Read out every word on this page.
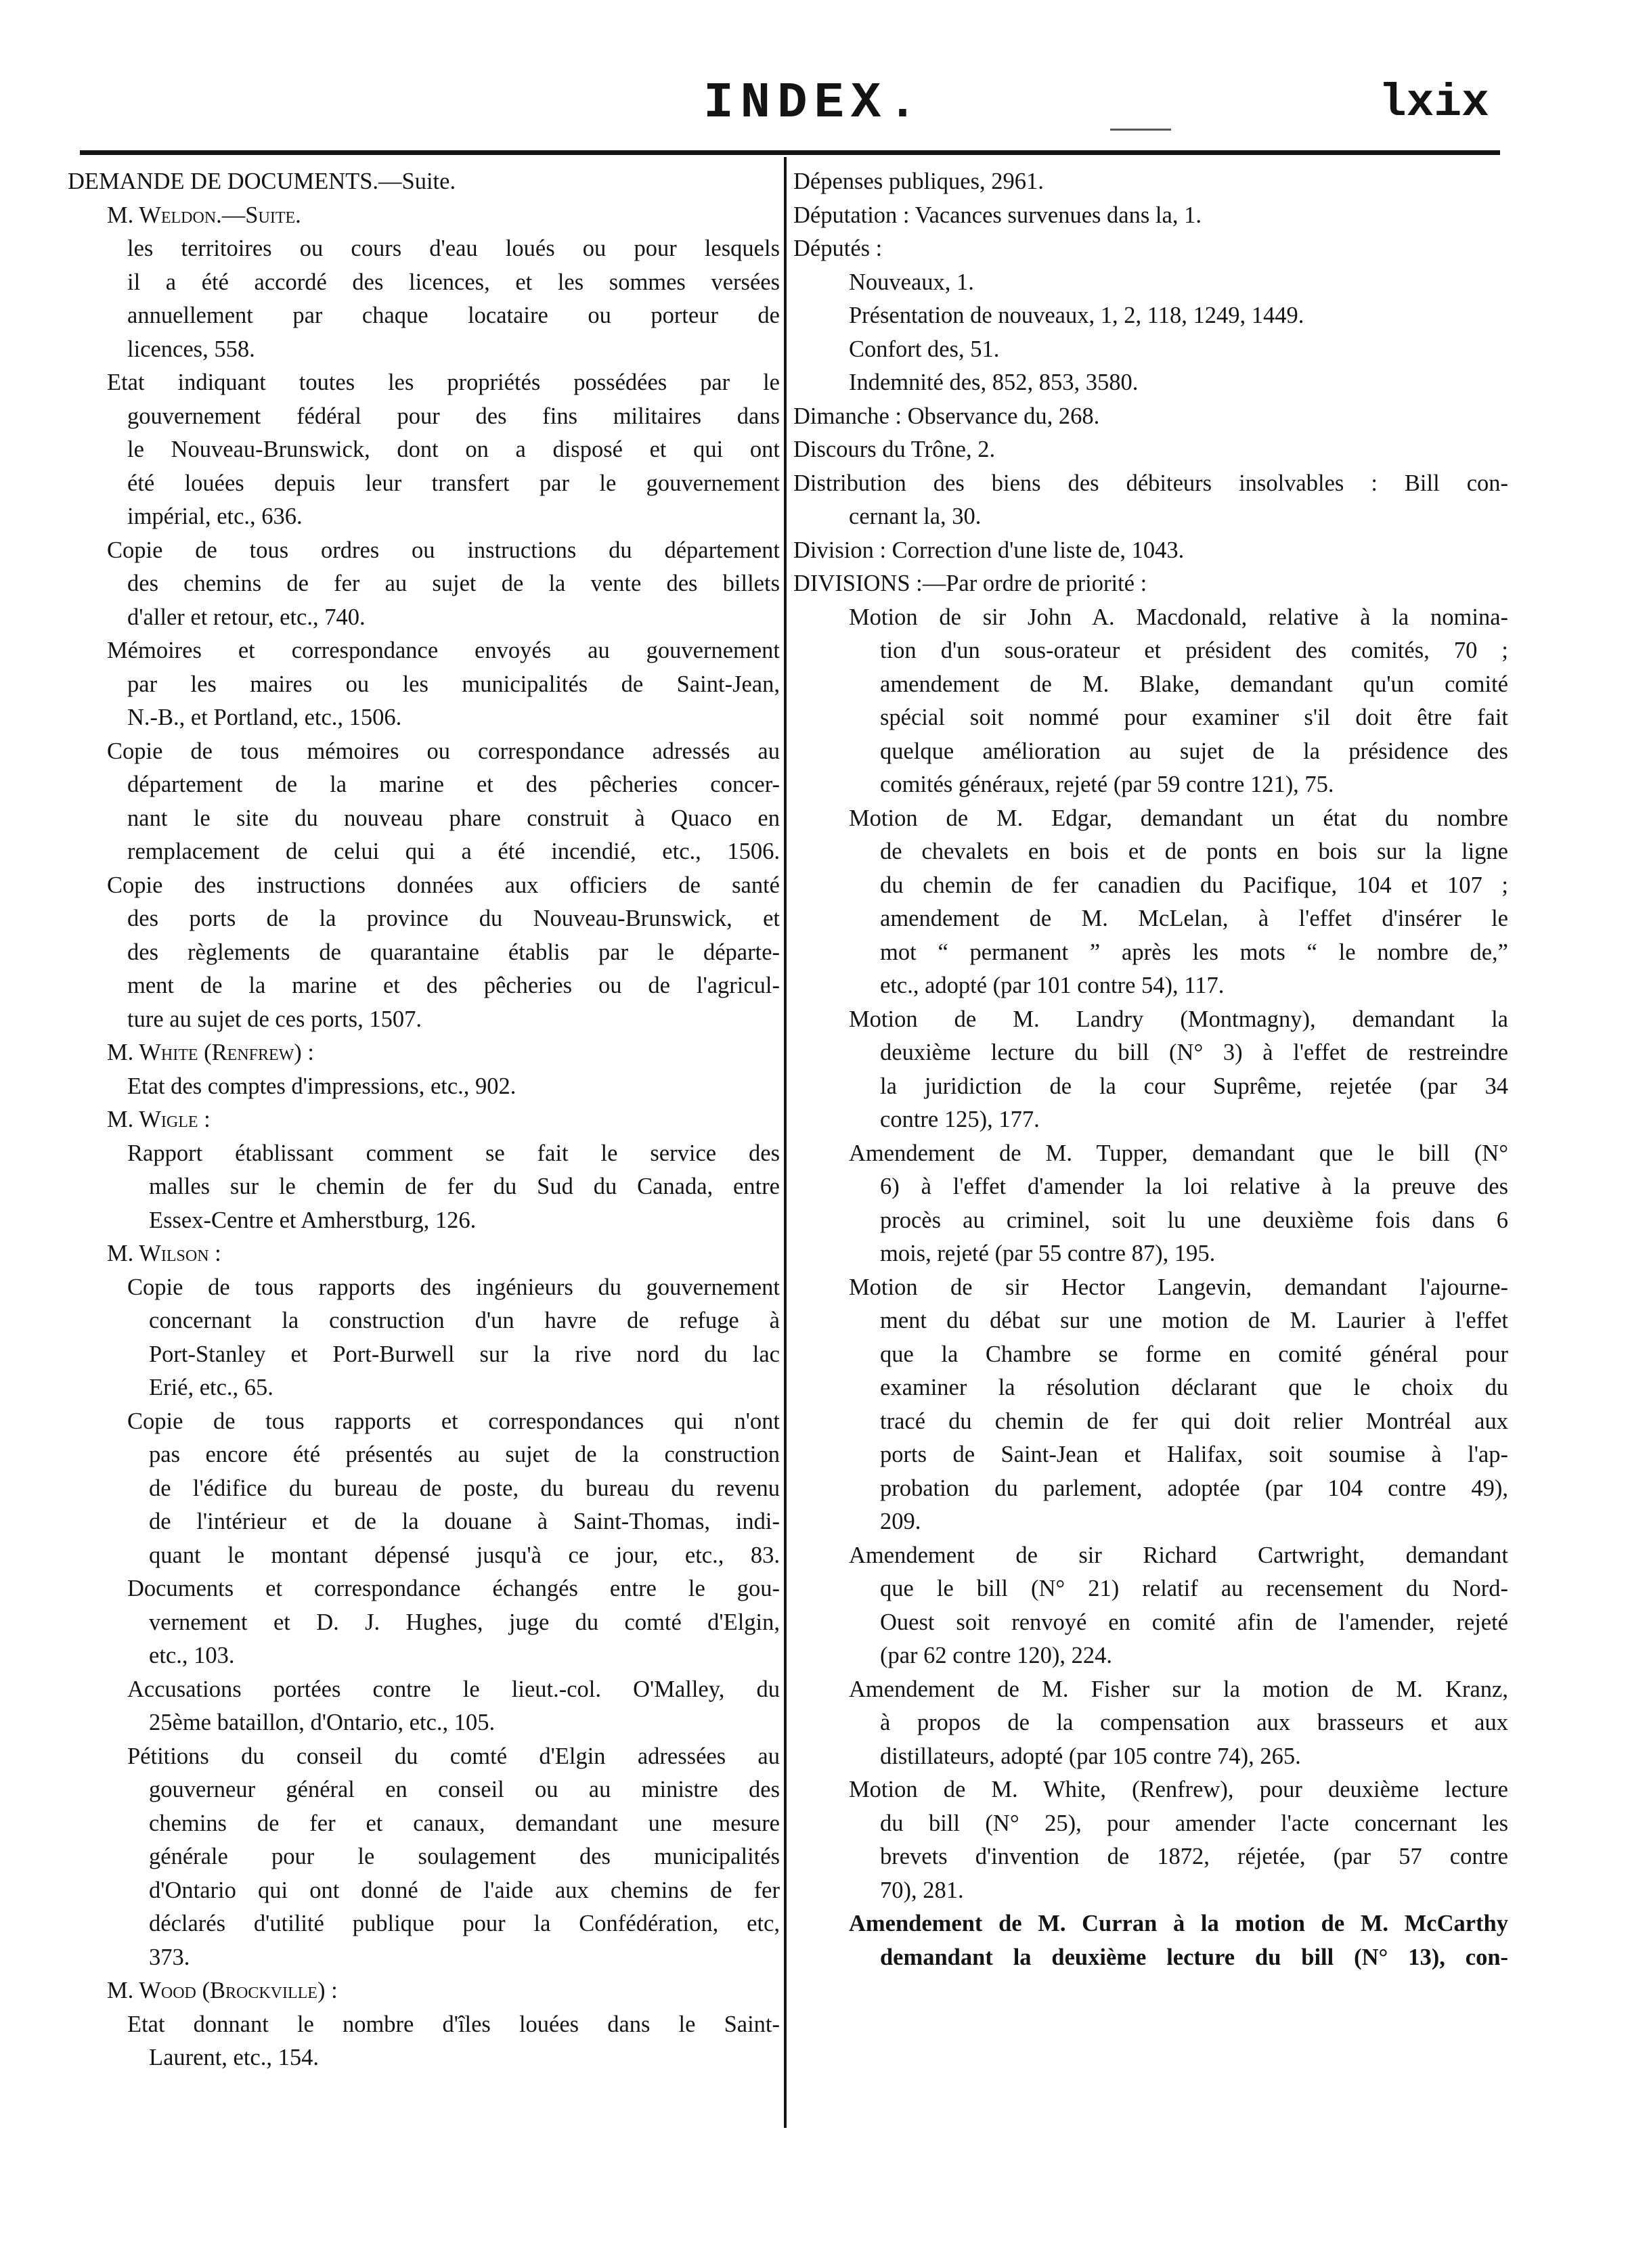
INDEX.	lxix
DEMANDE DE DOCUMENTS.—Suite.
M. Weldon.—Suite.
les territoires ou cours d'eau loués ou pour lesquels
il a été accordé des licences, et les sommes versées
annuellement par chaque locataire ou porteur de
licences, 558.
Etat indiquant toutes les propriétés possédées par le
gouvernement fédéral pour des fins militaires dans
le Nouveau-Brunswick, dont on a disposé et qui ont
été louées depuis leur transfert par le gouvernement
impérial, etc., 636.
Copie de tous ordres ou instructions du département
des chemins de fer au sujet de la vente des billets
d'aller et retour, etc., 740.
Mémoires et correspondance envoyés au gouvernement
par les maires ou les municipalités de Saint-Jean,
N.-B., et Portland, etc., 1506.
Copie de tous mémoires ou correspondance adressés au
département de la marine et des pêcheries concer-
nant le site du nouveau phare construit à Quaco en
remplacement de celui qui a été incendié, etc., 1506.
Copie des instructions données aux officiers de santé
des ports de la province du Nouveau-Brunswick, et
des règlements de quarantaine établis par le départe-
ment de la marine et des pêcheries ou de l'agricul-
ture au sujet de ces ports, 1507.
M. White (Renfrew) :
Etat des comptes d'impressions, etc., 902.
M. Wigle :
Rapport établissant comment se fait le service des
malles sur le chemin de fer du Sud du Canada, entre
Essex-Centre et Amherstburg, 126.
M. Wilson :
Copie de tous rapports des ingénieurs du gouvernement
concernant la construction d'un havre de refuge à
Port-Stanley et Port-Burwell sur la rive nord du lac
Erié, etc., 65.
Copie de tous rapports et correspondances qui n'ont
pas encore été présentés au sujet de la construction
de l'édifice du bureau de poste, du bureau du revenu
de l'intérieur et de la douane à Saint-Thomas, indi-
quant le montant dépensé jusqu'à ce jour, etc., 83.
Documents et correspondance échangés entre le gou-
vernement et D. J. Hughes, juge du comté d'Elgin,
etc., 103.
Accusations portées contre le lieut.-col. O'Malley, du
25ème bataillon, d'Ontario, etc., 105.
Pétitions du conseil du comté d'Elgin adressées au
gouverneur général en conseil ou au ministre des
chemins de fer et canaux, demandant une mesure
générale pour le soulagement des municipalités
d'Ontario qui ont donné de l'aide aux chemins de fer
déclarés d'utilité publique pour la Confédération, etc,
373.
M. Wood (Brockville) :
Etat donnant le nombre d'îles louées dans le Saint-
Laurent, etc., 154.
Dépenses publiques, 2961.
Députation : Vacances survenues dans la, 1.
Députés :
Nouveaux, 1.
Présentation de nouveaux, 1, 2, 118, 1249, 1449.
Confort des, 51.
Indemnité des, 852, 853, 3580.
Dimanche : Observance du, 268.
Discours du Trône, 2.
Distribution des biens des débiteurs insolvables : Bill con-
cernant la, 30.
Division : Correction d'une liste de, 1043.
DIVISIONS :—Par ordre de priorité :
Motion de sir John A. Macdonald, relative à la nomina-
tion d'un sous-orateur et président des comités, 70 ;
amendement de M. Blake, demandant qu'un comité
spécial soit nommé pour examiner s'il doit être fait
quelque amélioration au sujet de la présidence des
comités généraux, rejeté (par 59 contre 121), 75.
Motion de M. Edgar, demandant un état du nombre
de chevalets en bois et de ponts en bois sur la ligne
du chemin de fer canadien du Pacifique, 104 et 107 ;
amendement de M. McLelan, à l'effet d'insérer le
mot “ permanent ” après les mots “ le nombre de,”
etc., adopté (par 101 contre 54), 117.
Motion de M. Landry (Montmagny), demandant la
deuxième lecture du bill (N° 3) à l'effet de restreindre
la juridiction de la cour Suprême, rejetée (par 34
contre 125), 177.
Amendement de M. Tupper, demandant que le bill (N°
6) à l'effet d'amender la loi relative à la preuve des
procès au criminel, soit lu une deuxième fois dans 6
mois, rejeté (par 55 contre 87), 195.
Motion de sir Hector Langevin, demandant l'ajourne-
ment du débat sur une motion de M. Laurier à l'effet
que la Chambre se forme en comité général pour
examiner la résolution déclarant que le choix du
tracé du chemin de fer qui doit relier Montréal aux
ports de Saint-Jean et Halifax, soit soumise à l'ap-
probation du parlement, adoptée (par 104 contre 49),
209.
Amendement de sir Richard Cartwright, demandant
que le bill (N° 21) relatif au recensement du Nord-
Ouest soit renvoyé en comité afin de l'amender, rejeté
(par 62 contre 120), 224.
Amendement de M. Fisher sur la motion de M. Kranz,
à propos de la compensation aux brasseurs et aux
distillateurs, adopté (par 105 contre 74), 265.
Motion de M. White, (Renfrew), pour deuxième lecture
du bill (N° 25), pour amender l'acte concernant les
brevets d'invention de 1872, réjetée, (par 57 contre
70), 281.
Amendement de M. Curran à la motion de M. McCarthy
demandant la deuxième lecture du bill (N° 13), con-
